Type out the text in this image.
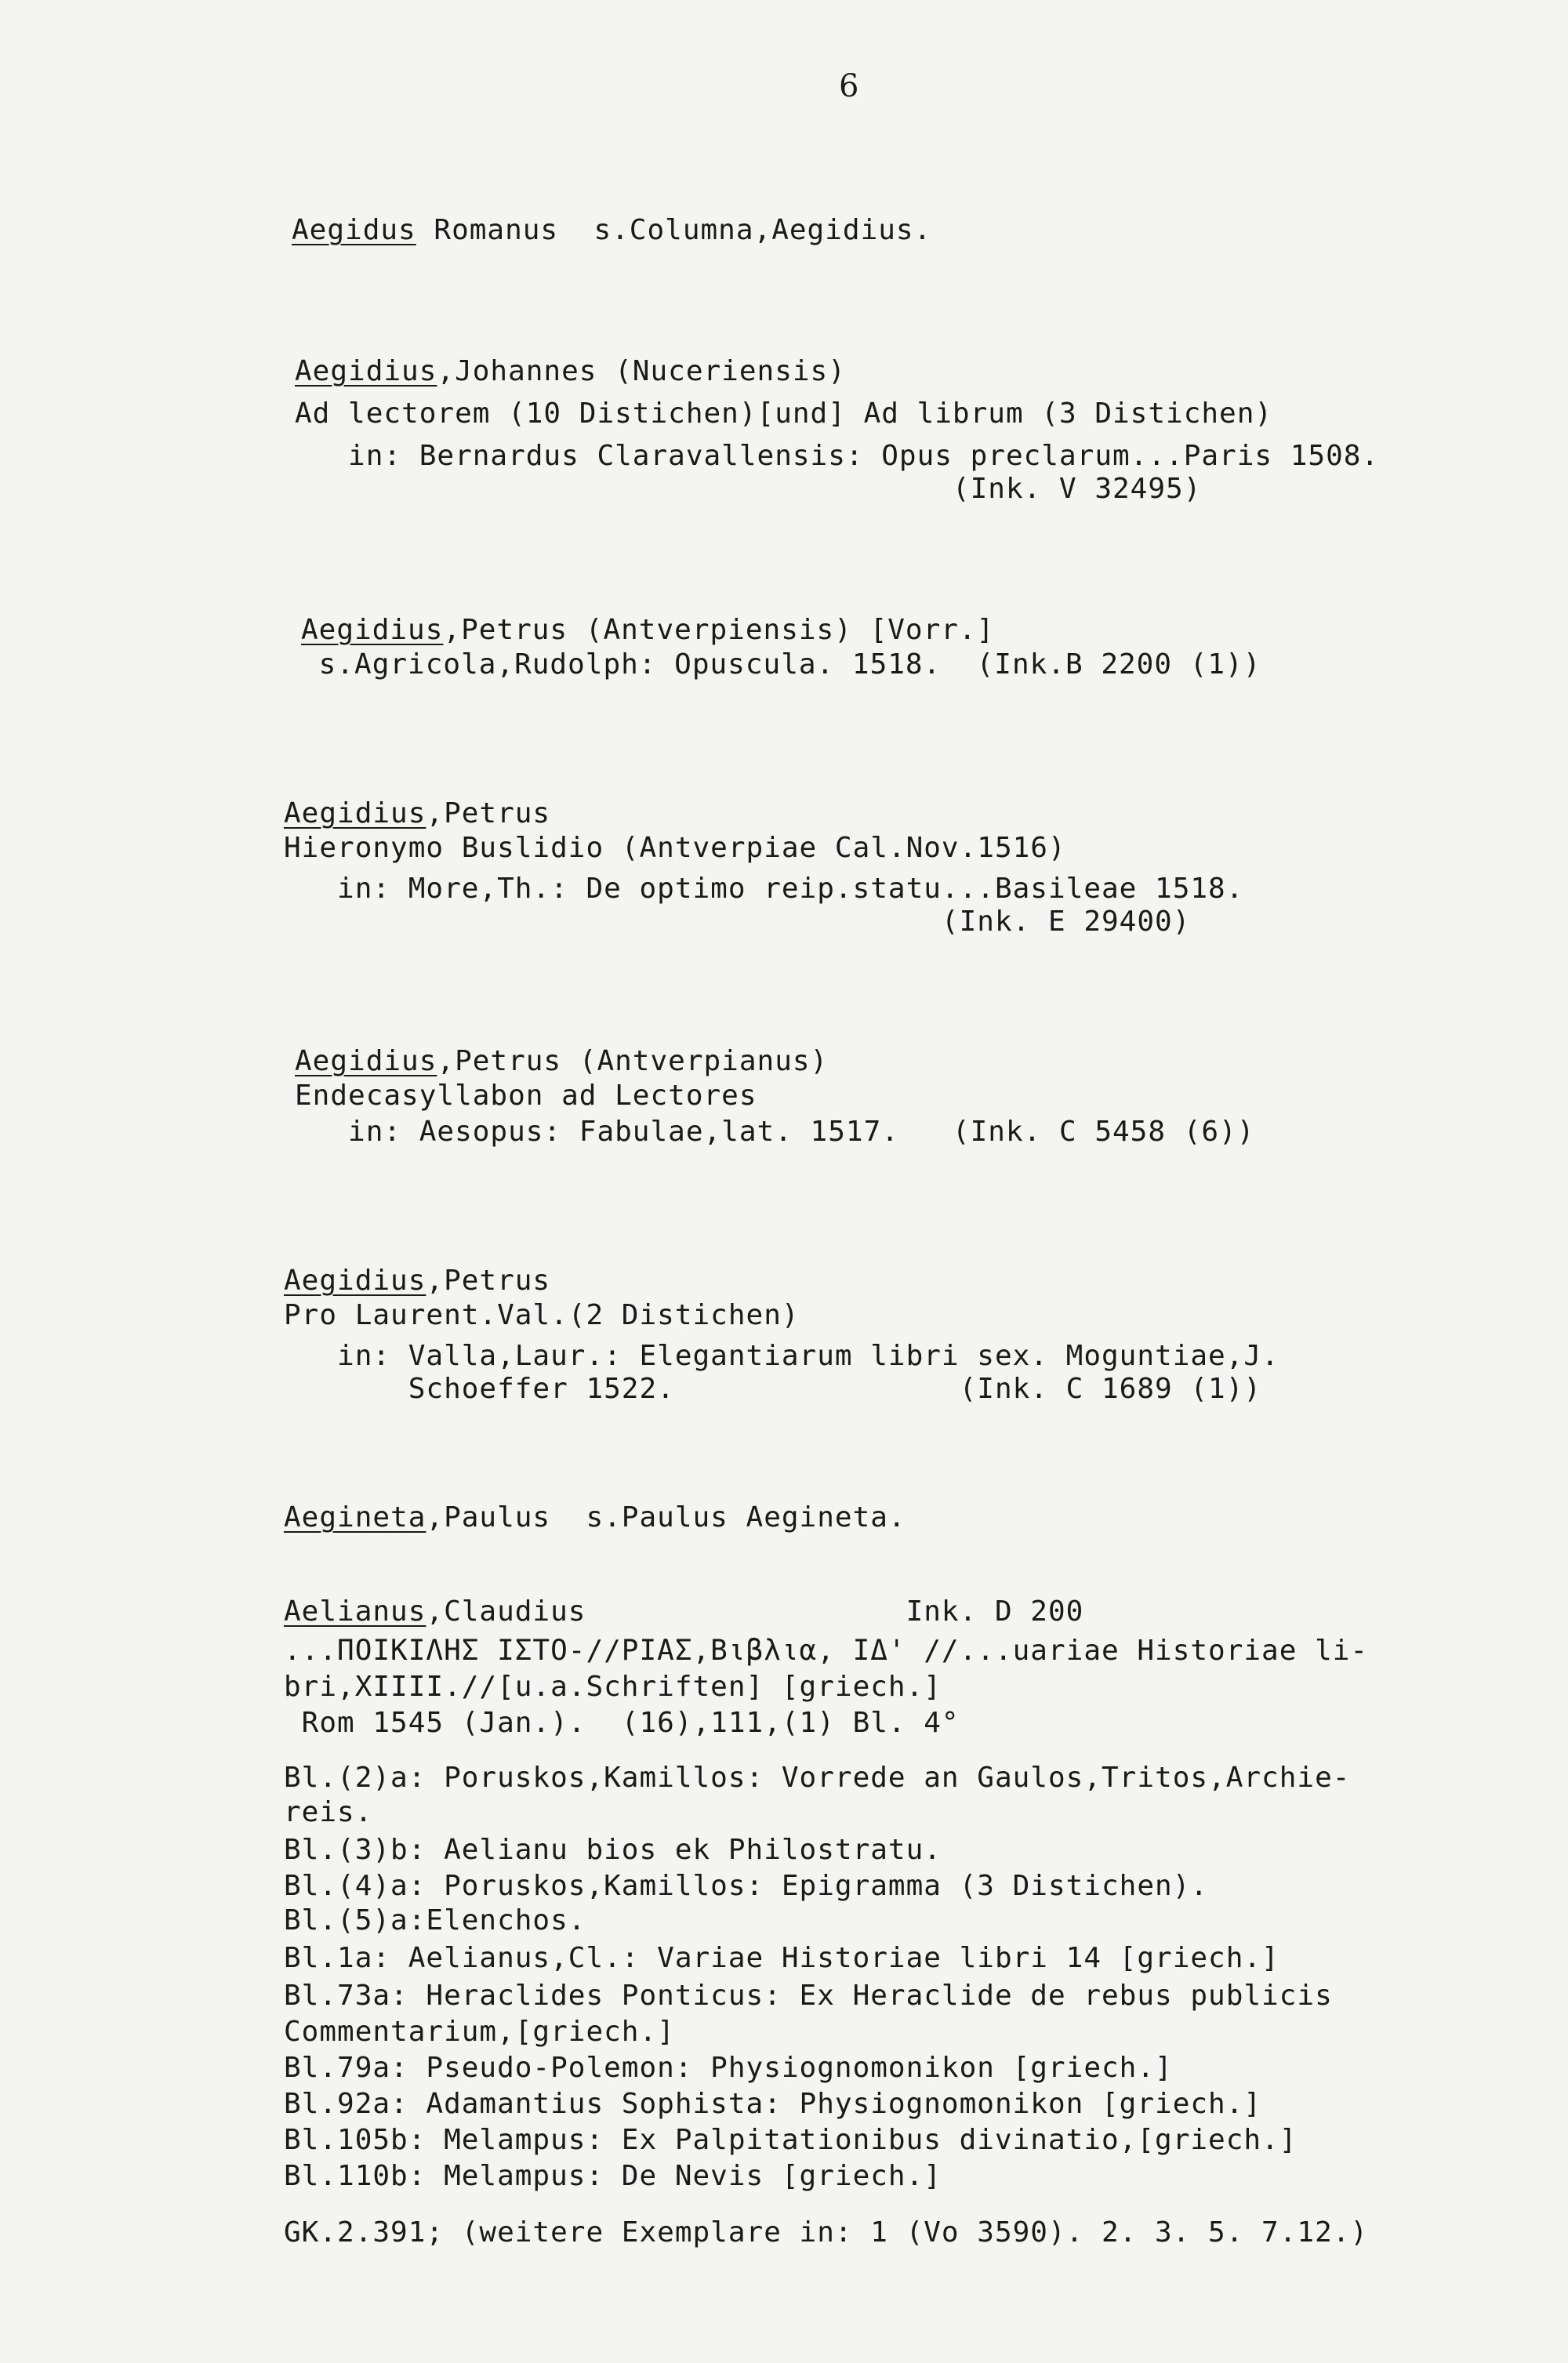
6
Aegidus Romanus  s.Columna,Aegidius.
Aegidius,Johannes (Nuceriensis)
Ad lectorem (10 Distichen)[und] Ad librum (3 Distichen)
in: Bernardus Claravallensis: Opus preclarum...Paris 1508.
(Ink. V 32495)
Aegidius,Petrus (Antverpiensis) [Vorr.]
s.Agricola,Rudolph: Opuscula. 1518.  (Ink.B 2200 (1))
Aegidius,Petrus
Hieronymo Buslidio (Antverpiae Cal.Nov.1516)
in: More,Th.: De optimo reip.statu...Basileae 1518.
(Ink. E 29400)
Aegidius,Petrus (Antverpianus)
Endecasyllabon ad Lectores
in: Aesopus: Fabulae,lat. 1517.   (Ink. C 5458 (6))
Aegidius,Petrus
Pro Laurent.Val.(2 Distichen)
in: Valla,Laur.: Elegantiarum libri sex. Moguntiae,J.
Schoeffer 1522.                (Ink. C 1689 (1))
Aegineta,Paulus  s.Paulus Aegineta.
Aelianus,Claudius                  Ink. D 200
...ΠΟΙΚΙΛΗΣ ΙΣΤΟ-//ΡΙΑΣ,Βιβλια, ΙΔ' //...uariae Historiae li-
bri,XIIII.//[u.a.Schriften] [griech.]
Rom 1545 (Jan.).  (16),111,(1) Bl. 4°
Bl.(2)a: Poruskos,Kamillos: Vorrede an Gaulos,Tritos,Archie-
reis.
Bl.(3)b: Aelianu bios ek Philostratu.
Bl.(4)a: Poruskos,Kamillos: Epigramma (3 Distichen).
Bl.(5)a:Elenchos.
Bl.1a: Aelianus,Cl.: Variae Historiae libri 14 [griech.]
Bl.73a: Heraclides Ponticus: Ex Heraclide de rebus publicis
Commentarium,[griech.]
Bl.79a: Pseudo-Polemon: Physiognomonikon [griech.]
Bl.92a: Adamantius Sophista: Physiognomonikon [griech.]
Bl.105b: Melampus: Ex Palpitationibus divinatio,[griech.]
Bl.110b: Melampus: De Nevis [griech.]
GK.2.391; (weitere Exemplare in: 1 (Vo 3590). 2. 3. 5. 7.12.)
